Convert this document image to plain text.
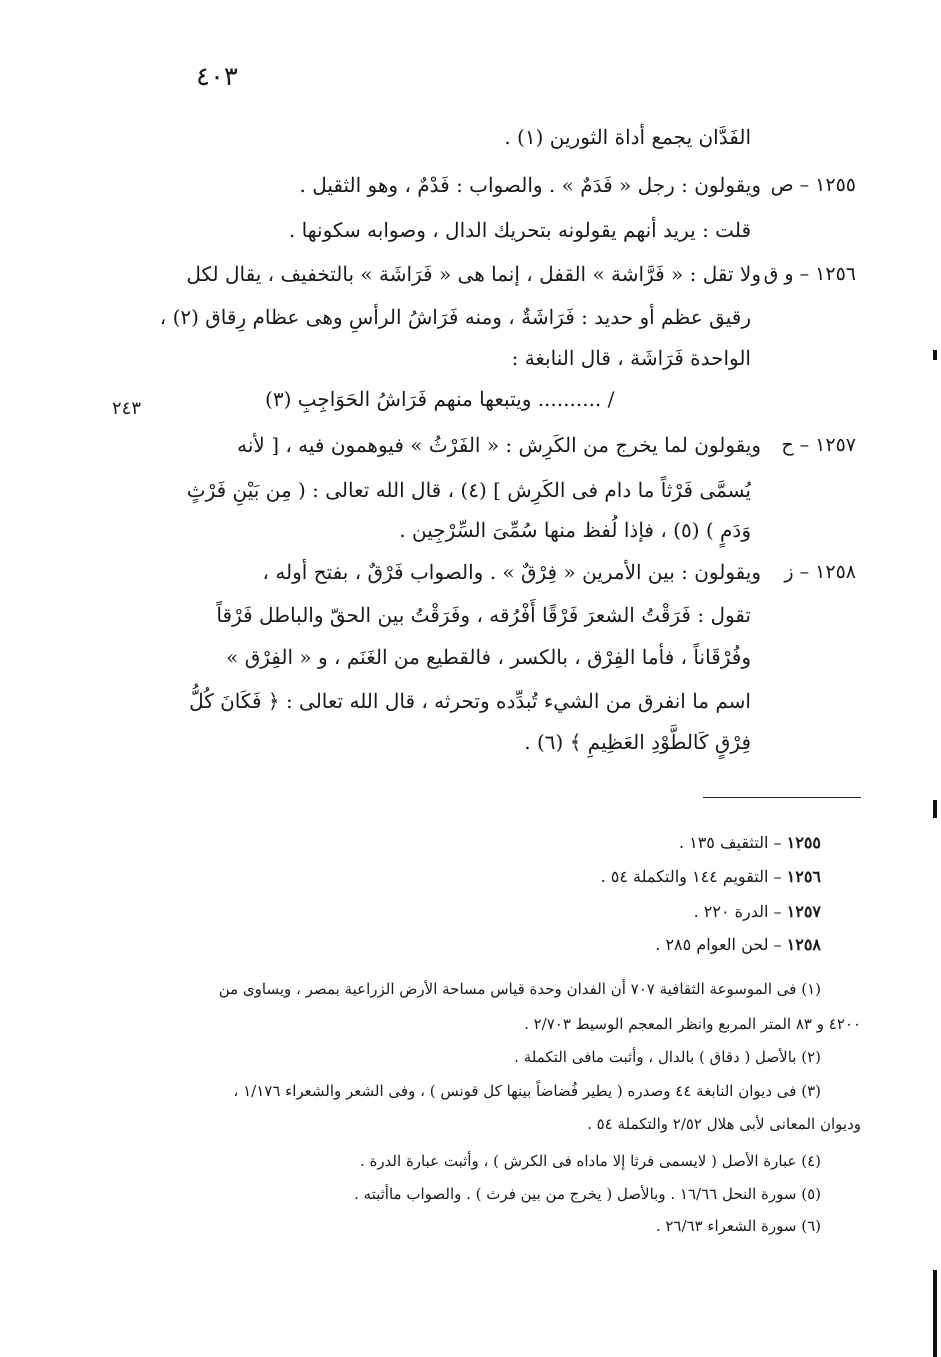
٤٠٣
٢٤٣
الفَدَّان يجمع أداة الثورين (١) .
١٢٥٥ – ص
ويقولون : رجل « فَدَمٌ » . والصواب : فَدْمٌ ، وهو الثقيل .
قلت : يريد أنهم يقولونه بتحريك الدال ، وصوابه سكونها .
١٢٥٦ – و ق
ولا تقل : « فَرَّاشة » القفل ، إنما هى « فَرَاشَة » بالتخفيف ، يقال لكل
رقيق عظم أو حديد : فَرَاشَةٌ ، ومنه فَرَاشُ الرأسِ وهى عظام رِقاق (٢) ،
الواحدة فَرَاشَة ، قال النابغة :
/ .......... ويتبعها منهم فَرَاشُ الحَوَاجِبِ (٣)
١٢٥٧ – ح
ويقولون لما يخرج من الكَرِش : « الفَرْثُ » فيوهمون فيه ، [ لأنه
يُسمَّى فَرْثاً ما دام فى الكَرِش ] (٤) ، قال الله تعالى : ( مِن بَيْنِ فَرْثٍ
وَدَمٍ ) (٥) ، فإذا لُفظ منها سُمِّىَ السِّرْجِين .
١٢٥٨ – ز
ويقولون : بين الأمرين « فِرْقٌ » . والصواب فَرْقٌ ، بفتح أوله ،
تقول : فَرَقْتُ الشعرَ فَرْقًا أَفْرُقه ، وفَرَقْتُ بين الحقّ والباطل فَرْقاً
وفُرْقَاناً ، فأما الفِرْق ، بالكسر ، فالقطيع من الغَنَم ، و « الفِرْق »
اسم ما انفرق من الشيء تُبدِّده وتحرثه ، قال الله تعالى : ﴿ فَكَانَ كُلُّ
فِرْقٍ كَالطَّوْدِ العَظِيمِ ﴾ (٦) .
١٢٥٥ – التثقيف ١٣٥ .
١٢٥٦ – التقويم ١٤٤ والتكملة ٥٤ .
١٢٥٧ – الدرة ٢٢٠ .
١٢٥٨ – لحن العوام ٢٨٥ .
(١) فى الموسوعة الثقافية ٧٠٧ أن الفدان وحدة قياس مساحة الأرض الزراعية بمصر ، ويساوى من
٤٢٠٠ و ٨٣ المتر المربع وانظر المعجم الوسيط ٢/٧٠٣ .
(٢) بالأصل ( دقاق ) بالدال ، وأثبت مافى التكملة .
(٣) فى ديوان النابغة ٤٤ وصدره ( يطير فُضاضاً بينها كل قونس ) ، وفى الشعر والشعراء ١/١٧٦ ،
وديوان المعانى لأبى هلال ٢/٥٢ والتكملة ٥٤ .
(٤) عبارة الأصل ( لايسمى فرثا إلا ماداه فى الكرش ) ، وأثبت عبارة الدرة .
(٥) سورة النحل ١٦/٦٦ . وبالأصل ( يخرج من بين فرث ) . والصواب ماأثبته .
(٦) سورة الشعراء ٢٦/٦٣ .
